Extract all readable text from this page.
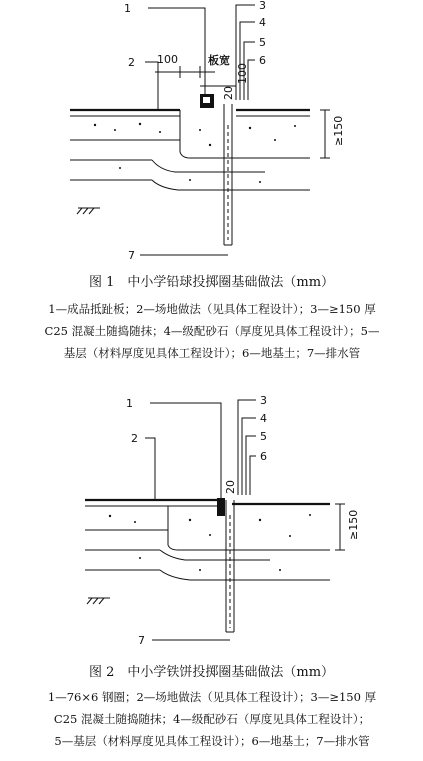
1
2
3
4
5
6
7
100	板宽
100
20
≥150
1
2
3
4
5
6
7
20
≥150
图 1　中小学铅球投掷圈基础做法（mm）
1—成品抵趾板；2—场地做法（见具体工程设计）；3—≥150 厚
C25 混凝土随捣随抹；4—级配砂石（厚度见具体工程设计）；5—
基层（材料厚度见具体工程设计）；6—地基土；7—排水管
图 2　中小学铁饼投掷圈基础做法（mm）
1—76×6 钢圈；2—场地做法（见具体工程设计）；3—≥150 厚
C25 混凝土随捣随抹；4—级配砂石（厚度见具体工程设计）；
5—基层（材料厚度见具体工程设计）；6—地基土；7—排水管
